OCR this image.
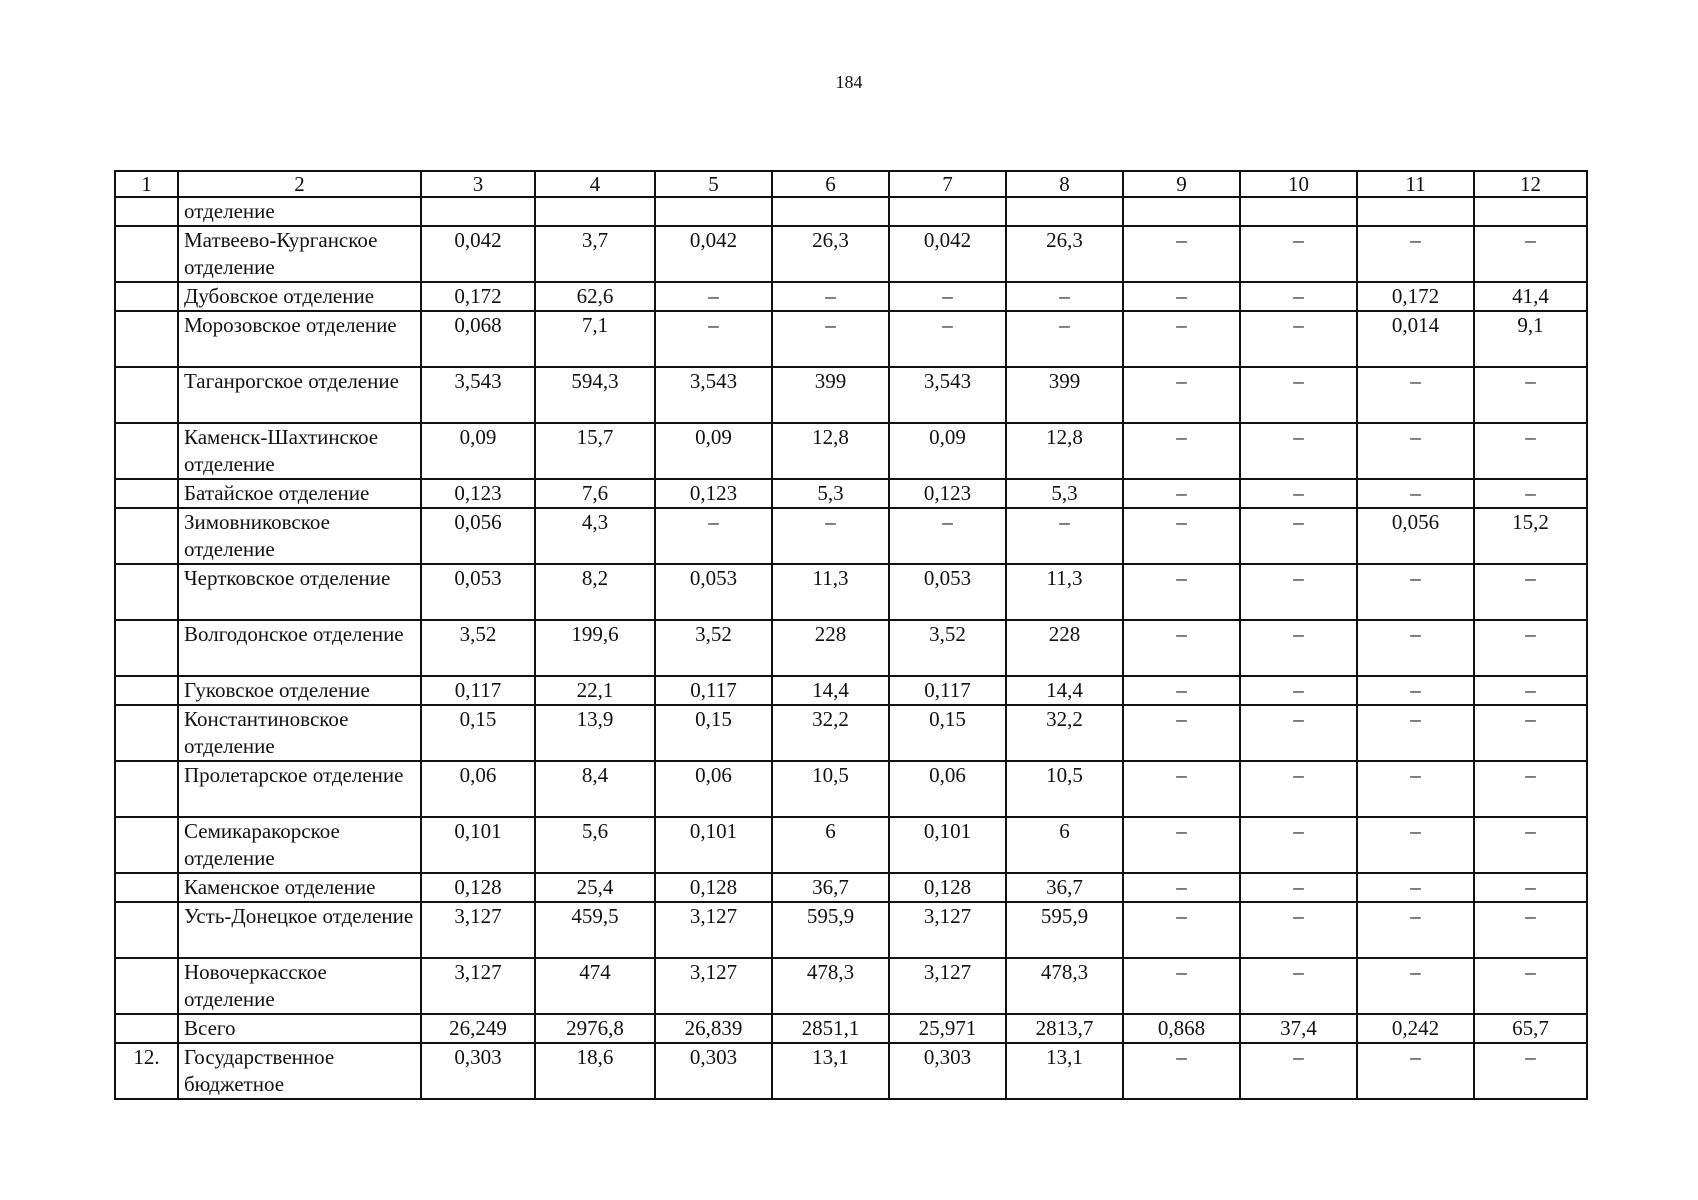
184
1	2	3	4	5	6	7	8	9	10	11	12
	отделение										
	Матвеево-Курганское отделение	0,042	3,7	0,042	26,3	0,042	26,3	–	–	–	–
	Дубовское отделение	0,172	62,6	–	–	–	–	–	–	0,172	41,4
	Морозовское отделение	0,068	7,1	–	–	–	–	–	–	0,014	9,1
	Таганрогское отделение	3,543	594,3	3,543	399	3,543	399	–	–	–	–
	Каменск-Шахтинское отделение	0,09	15,7	0,09	12,8	0,09	12,8	–	–	–	–
	Батайское отделение	0,123	7,6	0,123	5,3	0,123	5,3	–	–	–	–
	Зимовниковское отделение	0,056	4,3	–	–	–	–	–	–	0,056	15,2
	Чертковское отделение	0,053	8,2	0,053	11,3	0,053	11,3	–	–	–	–
	Волгодонское отделение	3,52	199,6	3,52	228	3,52	228	–	–	–	–
	Гуковское отделение	0,117	22,1	0,117	14,4	0,117	14,4	–	–	–	–
	Константиновское отделение	0,15	13,9	0,15	32,2	0,15	32,2	–	–	–	–
	Пролетарское отделение	0,06	8,4	0,06	10,5	0,06	10,5	–	–	–	–
	Семикаракорское отделение	0,101	5,6	0,101	6	0,101	6	–	–	–	–
	Каменское отделение	0,128	25,4	0,128	36,7	0,128	36,7	–	–	–	–
	Усть-Донецкое отделение	3,127	459,5	3,127	595,9	3,127	595,9	–	–	–	–
	Новочеркасское отделение	3,127	474	3,127	478,3	3,127	478,3	–	–	–	–
	Всего	26,249	2976,8	26,839	2851,1	25,971	2813,7	0,868	37,4	0,242	65,7
12.	Государственное бюджетное	0,303	18,6	0,303	13,1	0,303	13,1	–	–	–	–
